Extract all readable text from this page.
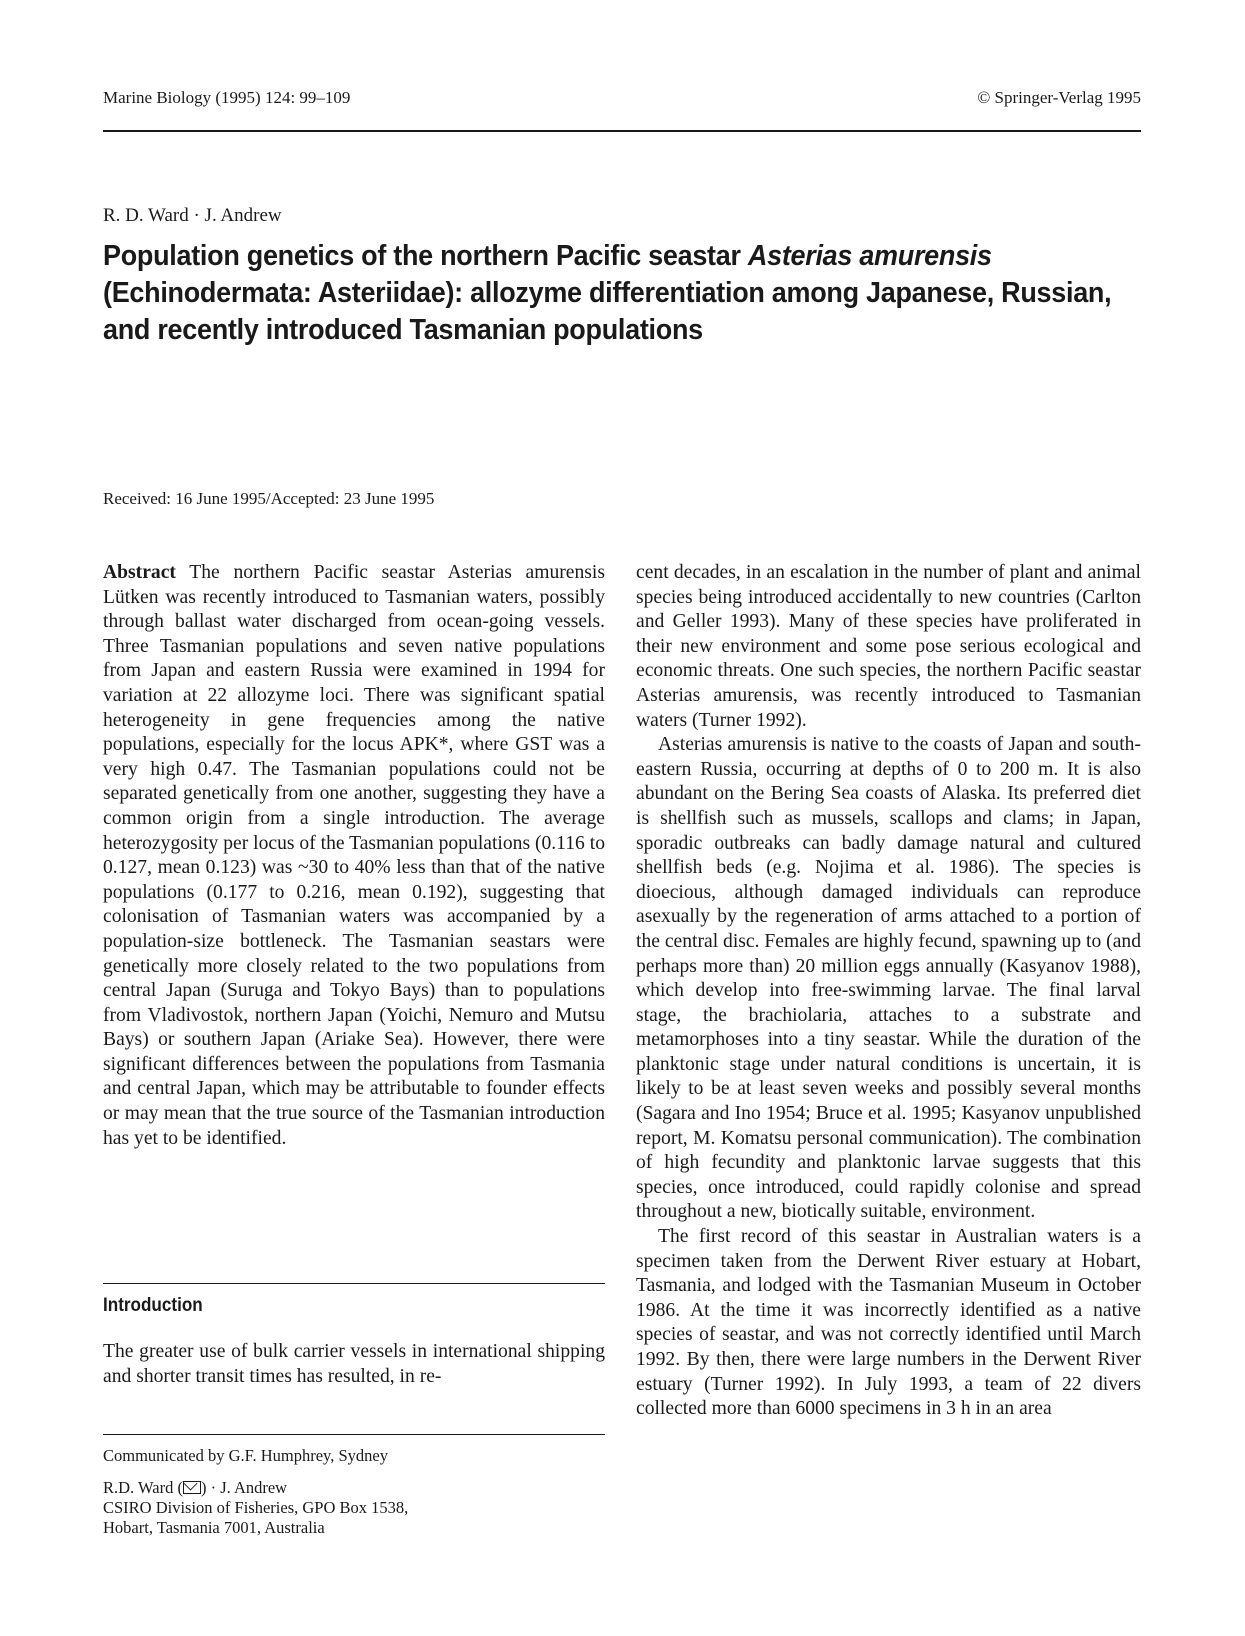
Marine Biology (1995) 124: 99–109	© Springer-Verlag 1995
R. D. Ward · J. Andrew
Population genetics of the northern Pacific seastar Asterias amurensis (Echinodermata: Asteriidae): allozyme differentiation among Japanese, Russian, and recently introduced Tasmanian populations
Received: 16 June 1995/Accepted: 23 June 1995

Abstract The northern Pacific seastar Asterias amurensis Lütken was recently introduced to Tasmanian waters, possibly through ballast water discharged from ocean-going vessels. Three Tasmanian populations and seven native populations from Japan and eastern Russia were examined in 1994 for variation at 22 allozyme loci. There was significant spatial heterogeneity in gene frequencies among the native populations, especially for the locus APK*, where GST was a very high 0.47. The Tasmanian populations could not be separated genetically from one another, suggesting they have a common origin from a single introduction. The average heterozygosity per locus of the Tasmanian populations (0.116 to 0.127, mean 0.123) was ~30 to 40% less than that of the native populations (0.177 to 0.216, mean 0.192), suggesting that colonisation of Tasmanian waters was accompanied by a population-size bottleneck. The Tasmanian seastars were genetically more closely related to the two populations from central Japan (Suruga and Tokyo Bays) than to populations from Vladivostok, northern Japan (Yoichi, Nemuro and Mutsu Bays) or southern Japan (Ariake Sea). However, there were significant differences between the populations from Tasmania and central Japan, which may be attributable to founder effects or may mean that the true source of the Tasmanian introduction has yet to be identified.

Introduction
The greater use of bulk carrier vessels in international shipping and shorter transit times has resulted, in re-
Communicated by G.F. Humphrey, Sydney
R.D. Ward ( ) · J. Andrew
CSIRO Division of Fisheries, GPO Box 1538,
Hobart, Tasmania 7001, Australia

cent decades, in an escalation in the number of plant and animal species being introduced accidentally to new countries (Carlton and Geller 1993). Many of these species have proliferated in their new environment and some pose serious ecological and economic threats. One such species, the northern Pacific seastar Asterias amurensis, was recently introduced to Tasmanian waters (Turner 1992).

Asterias amurensis is native to the coasts of Japan and south-eastern Russia, occurring at depths of 0 to 200 m. It is also abundant on the Bering Sea coasts of Alaska. Its preferred diet is shellfish such as mussels, scallops and clams; in Japan, sporadic outbreaks can badly damage natural and cultured shellfish beds (e.g. Nojima et al. 1986). The species is dioecious, although damaged individuals can reproduce asexually by the regeneration of arms attached to a portion of the central disc. Females are highly fecund, spawning up to (and perhaps more than) 20 million eggs annually (Kasyanov 1988), which develop into free-swimming larvae. The final larval stage, the brachiolaria, attaches to a substrate and metamorphoses into a tiny seastar. While the duration of the planktonic stage under natural conditions is uncertain, it is likely to be at least seven weeks and possibly several months (Sagara and Ino 1954; Bruce et al. 1995; Kasyanov unpublished report, M. Komatsu personal communication). The combination of high fecundity and planktonic larvae suggests that this species, once introduced, could rapidly colonise and spread throughout a new, biotically suitable, environment.

The first record of this seastar in Australian waters is a specimen taken from the Derwent River estuary at Hobart, Tasmania, and lodged with the Tasmanian Museum in October 1986. At the time it was incorrectly identified as a native species of seastar, and was not correctly identified until March 1992. By then, there were large numbers in the Derwent River estuary (Turner 1992). In July 1993, a team of 22 divers collected more than 6000 specimens in 3 h in an area
